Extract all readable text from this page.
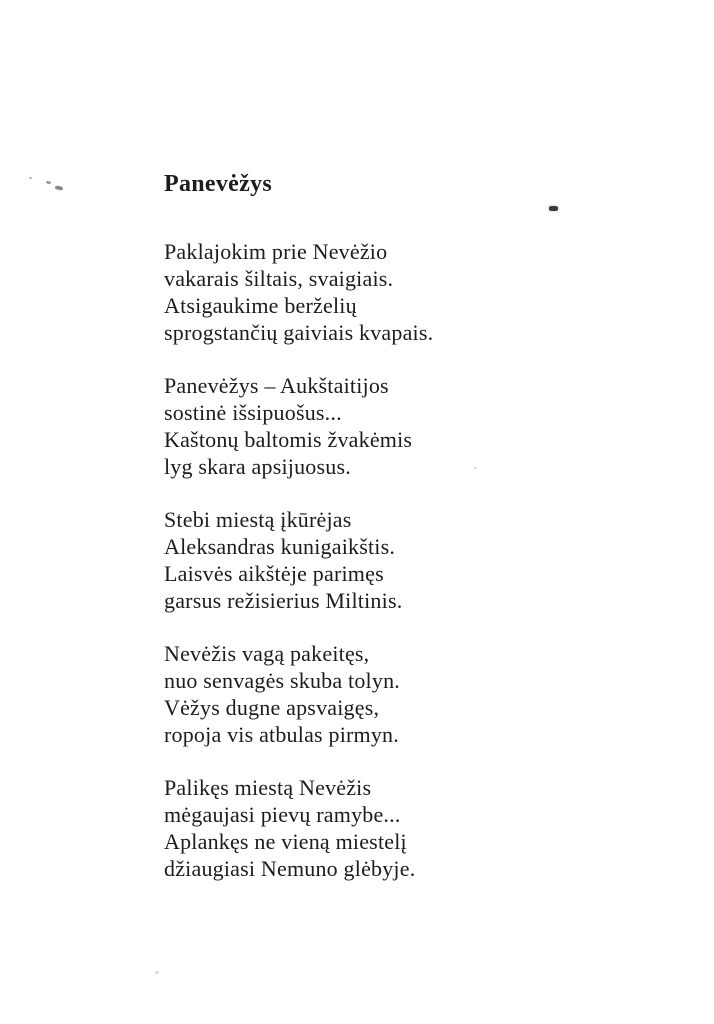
Panevėžys
Paklajokim prie Nevėžio
vakarais šiltais, svaigiais.
Atsigaukime berželių
sprogstančių gaiviais kvapais.
Panevėžys – Aukštaitijos
sostinė išsipuošus...
Kaštonų baltomis žvakėmis
lyg skara apsijuosus.
Stebi miestą įkūrėjas
Aleksandras kunigaikštis.
Laisvės aikštėje parimęs
garsus režisierius Miltinis.
Nevėžis vagą pakeitęs,
nuo senvagės skuba tolyn.
Vėžys dugne apsvaigęs,
ropoja vis atbulas pirmyn.
Palikęs miestą Nevėžis
mėgaujasi pievų ramybe...
Aplankęs ne vieną miestelį
džiaugiasi Nemuno glėbyje.
